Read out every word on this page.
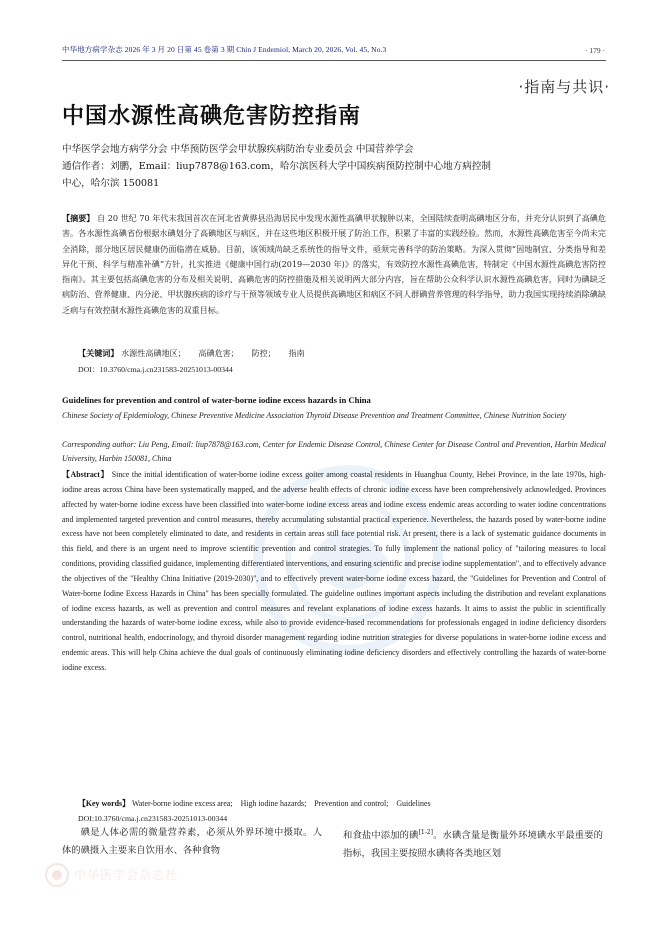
中华地方病学杂志 2026 年 3 月 20 日第 45 卷第 3 期 Chin J Endemiol, March 20, 2026, Vol. 45, No.3	· 179 ·
·指南与共识·
中国水源性高碘危害防控指南
中华医学会地方病学分会 中华预防医学会甲状腺疾病防治专业委员会 中国营养学会
通信作者：刘鹏，Email：liup7878@163.com，哈尔滨医科大学中国疾病预防控制中心地方病控制
中心，哈尔滨 150081

【摘要】 自 20 世纪 70 年代末我国首次在河北省黄骅县沿海居民中发现水源性高碘甲状腺肿以来，全国陆续查明高碘地区分布，并充分认识到了高碘危害。各水源性高碘省份根据水碘划分了高碘地区与病区，并在这些地区积极开展了防治工作，积累了丰富的实践经验。然而，水源性高碘危害至今尚未完全消除，部分地区居民健康仍面临潜在威胁。目前，该领域尚缺乏系统性的指导文件，亟须完善科学的防治策略。为深入贯彻“因地制宜、分类指导和差异化干预、科学与精准补碘”方针，扎实推进《健康中国行动(2019—2030 年)》的落实，有效防控水源性高碘危害，特制定《中国水源性高碘危害防控指南》。其主要包括高碘危害的分布及相关说明、高碘危害的防控措施及相关说明两大部分内容，旨在帮助公众科学认识水源性高碘危害，同时为碘缺乏病防治、营养健康、内分泌、甲状腺疾病的诊疗与干预等领域专业人员提供高碘地区和病区不同人群碘营养管理的科学指导，助力我国实现持续消除碘缺乏病与有效控制水源性高碘危害的双重目标。

【关键词】 水源性高碘地区； 高碘危害； 防控； 指南
DOI：10.3760/cma.j.cn231583-20251013-00344
Guidelines for prevention and control of water-borne iodine excess hazards in China
Chinese Society of Epidemiology, Chinese Preventive Medicine Association Thyroid Disease Prevention and Treatment Committee, Chinese Nutrition Society
Corresponding author: Liu Peng, Email: liup7878@163.com, Center for Endemic Disease Control, Chinese Center for Disease Control and Prevention, Harbin Medical University, Harbin 150081, China

【Abstract】 Since the initial identification of water-borne iodine excess goiter among coastal residents in Huanghua County, Hebei Province, in the late 1970s, high-iodine areas across China have been systematically mapped, and the adverse health effects of chronic iodine excess have been comprehensively acknowledged. Provinces affected by water-borne iodine excess have been classified into water-borne iodine excess areas and iodine excess endemic areas according to water iodine concentrations and implemented targeted prevention and control measures, thereby accumulating substantial practical experience. Nevertheless, the hazards posed by water-borne iodine excess have not been completely eliminated to date, and residents in certain areas still face potential risk. At present, there is a lack of systematic guidance documents in this field, and there is an urgent need to improve scientific prevention and control strategies. To fully implement the national policy of "tailoring measures to local conditions, providing classified guidance, implementing differentiated interventions, and ensuring scientific and precise iodine supplementation", and to effectively advance the objectives of the "Healthy China Initiative (2019-2030)", and to effectively prevent water-borne iodine excess hazard, the "Guidelines for Prevention and Control of Water-borne Iodine Excess Hazards in China" has been specially formulated. The guideline outlines important aspects including the distribution and revelant explanations of iodine excess hazards, as well as prevention and control measures and revelant explanations of iodine excess hazards. It aims to assist the public in scientifically understanding the hazards of water-borne iodine excess, while also to provide evidence-based recommendations for professionals engaged in iodine deficiency disorders control, nutritional health, endocrinology, and thyroid disorder management regarding iodine nutrition strategies for diverse populations in water-borne iodine excess and endemic areas. This will help China achieve the dual goals of continuously eliminating iodine deficiency disorders and effectively controlling the hazards of water-borne iodine excess.

【Key words】 Water-borne iodine excess area; High iodine hazards; Prevention and control; Guidelines
DOI:10.3760/cma.j.cn231583-20251013-00344

碘是人体必需的微量营养素，必须从外界环境中摄取。人体的碘摄入主要来自饮用水、各种食物

和食盐中添加的碘[1-2]。水碘含量是衡量外环境碘水平最重要的指标，我国主要按照水碘将各类地区划

中华医学会杂志社
